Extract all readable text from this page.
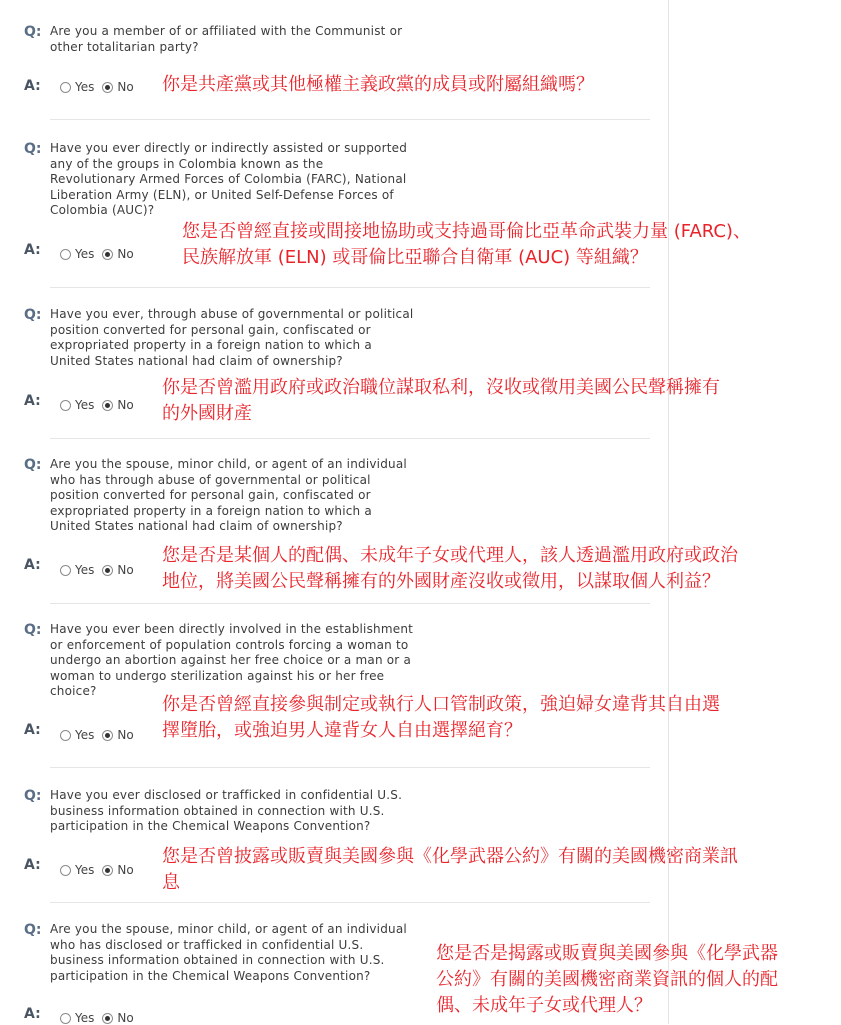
Q: Are you a member of or affiliated with the Communist or
other totalitarian party?
A:	Yes No 你是共產黨或其他極權主義政黨的成員或附屬組織嗎？
Q: Have you ever directly or indirectly assisted or supported
any of the groups in Colombia known as the
Revolutionary Armed Forces of Colombia (FARC), National
Liberation Army (ELN), or United Self-Defense Forces of
Colombia (AUC)?
A:	Yes No
您是否曾經直接或間接地協助或支持過哥倫比亞革命武裝力量 (FARC)、
民族解放軍 (ELN) 或哥倫比亞聯合自衛軍 (AUC) 等組織？
Q: Have you ever, through abuse of governmental or political
position converted for personal gain, confiscated or
expropriated property in a foreign nation to which a
United States national had claim of ownership?
A:	Yes No
你是否曾濫用政府或政治職位謀取私利，沒收或徵用美國公民聲稱擁有
的外國財產
Q: Are you the spouse, minor child, or agent of an individual
who has through abuse of governmental or political
position converted for personal gain, confiscated or
expropriated property in a foreign nation to which a
United States national had claim of ownership?
A:	Yes No
您是否是某個人的配偶、未成年子女或代理人，該人透過濫用政府或政治
地位，將美國公民聲稱擁有的外國財產沒收或徵用，以謀取個人利益？
Q: Have you ever been directly involved in the establishment
or enforcement of population controls forcing a woman to
undergo an abortion against her free choice or a man or a
woman to undergo sterilization against his or her free
choice?
A:	Yes No
你是否曾經直接參與制定或執行人口管制政策，強迫婦女違背其自由選
擇墮胎，或強迫男人違背女人自由選擇絕育？
Q: Have you ever disclosed or trafficked in confidential U.S.
business information obtained in connection with U.S.
participation in the Chemical Weapons Convention?
A:	Yes No
您是否曾披露或販賣與美國參與《化學武器公約》有關的美國機密商業訊
息
Q: Are you the spouse, minor child, or agent of an individual
who has disclosed or trafficked in confidential U.S.
business information obtained in connection with U.S.
participation in the Chemical Weapons Convention?
A:	Yes No
您是否是揭露或販賣與美國參與《化學武器
公約》有關的美國機密商業資訊的個人的配
偶、未成年子女或代理人？
